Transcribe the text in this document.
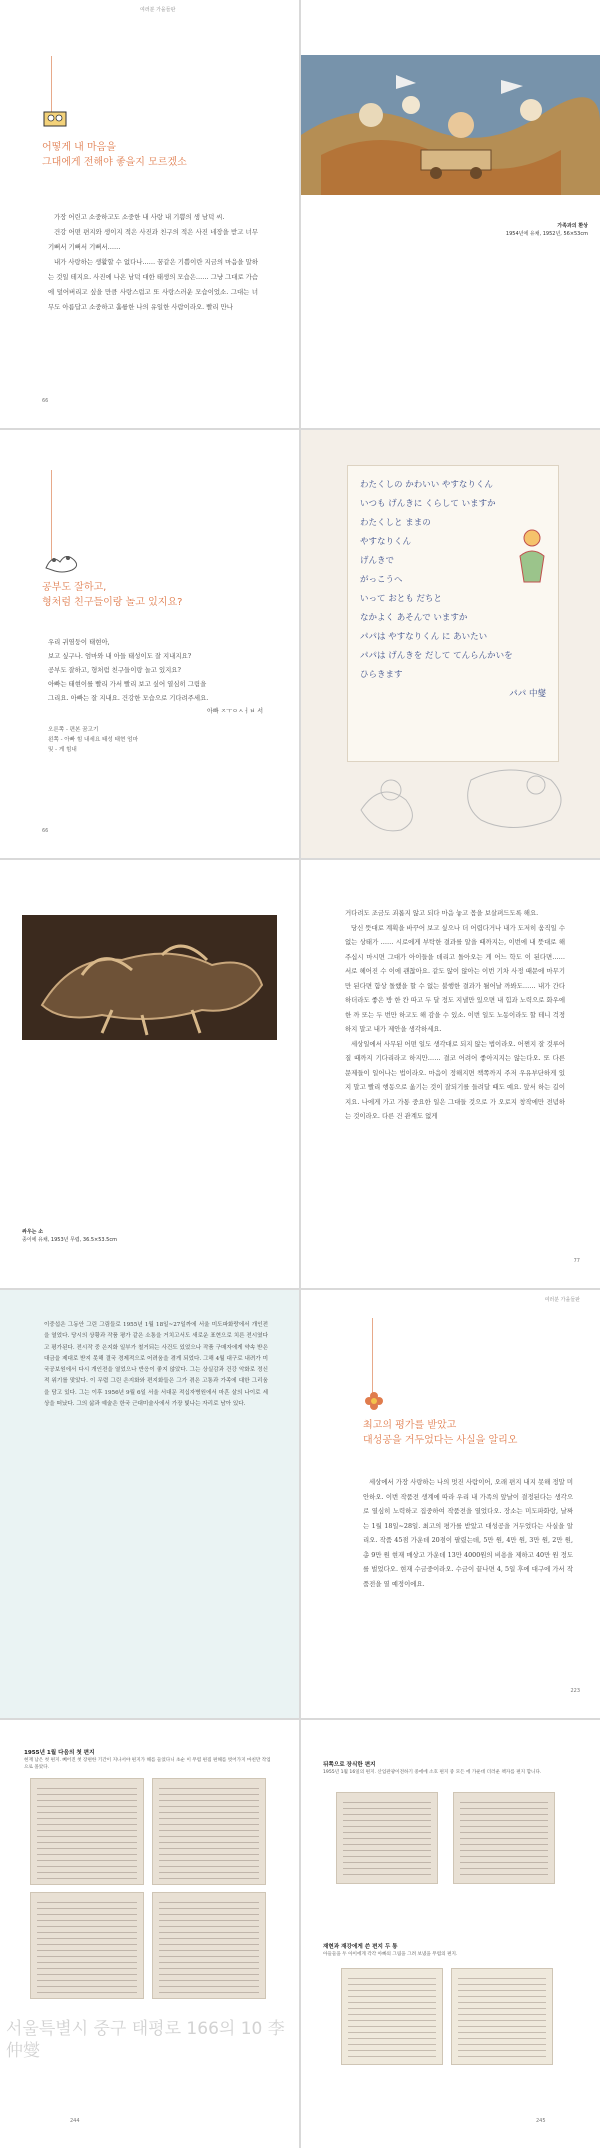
여러분 가을들판
어떻게 내 마음을
그대에게 전해야 좋을지 모르겠소
가장 어린고 소중하고도 소중한 내 사랑 내 기쁨의 생 남덕 씨.
건강 어떤 편지와 생이지 적은 사진과 친구의 적은 사진 네장을 받고 너무 기뻐서 기뻐서 기뻐서……
내가 사랑하는 생활할 수 없다나…… 꿈같은 기쁨이란 지금의 마음을 말하는 것일 테지요. 사진에 나온 남덕 대한 태생의 모습은…… 그냥 그대로 가슴에 덮어버리고 싶을 만큼 사랑스럽고 또 사랑스러운 모습이었소. 그대는 너무도 아름답고 소중하고 훌륭한 나의 유일한 사람이라오. 빨리 만나
66
가족과의 환상
1954년에 유채, 1952년, 56×53cm
공부도 잘하고,
형처럼 친구들이랑 놀고 있지요?
우리 귀염둥이 태현아,
보고 싶구나. 엄마와 내 아들 태성이도 잘 지내지요?
공부도 잘하고, 형처럼 친구들이랑 놀고 있지요?
아빠는 태현이를 빨리 가서 빨리 보고 싶어 열심히 그림을
그리요. 아빠는 잘 지내요. 건강한 모습으로 기다려주세요.
아빠 ㅈㅜㅇㅅㅓㅂ 서
오른쪽 - 편본 꿈고기
왼쪽 - 아빠 힘 내세요 태성 태현 엄마
및 - 게 힘내
66
わたくしの かわいい やすなりくん
いつも げんきに くらして いますか
わたくしと ままの
やすなりくん
げんきで
がっこうへ
いって おとも だちと
なかよく あそんで いますか
パパは やすなりくん に あいたい
パパは げんきを だして てんらんかいを
ひらきます
パパ 中燮
싸우는 소
종이에 유채, 1953년 무렵, 36.5×53.5cm
거다려도 조금도 괴롭지 않고 되다 마음 놓고 몹을 보살펴드도록 해요.
당신 뜻대로 계획을 바꾸어 보고 싶으나 더 어렵다거나 내가 도저히 움직일 수 없는 상태가 …… 시로에게 부탁한 결과를 알을 때까지는, 이번에 내 뜻대로 해주십시 마시면 그대가 아이들을 데리고 돌아오는 게 어느 학도 이 된다면…… 서로 헤어진 수 이에 괜찮아요. 같도 않이 않아는 이번 기차 사정 때문에 마무기만 된다면 함상 돌했을 할 수 없는 불행한 결과가 될어날 까봐도…… 내가 간다 하더라도 좋은 방 한 칸 따고 두 달 정도 지낼만 있으면 내 힘과 노력으로 화우에 한 까 또는 두 번만 하고도 해 감을 수 있소. 이번 일도 노동이라도 할 테니 걱정하지 말고 내가 제안을 생각하세요.
세상일에서 사무된 어떤 일도 생각대로 되지 않는 법이라오. 어쩐지 잘 것루어질 때까지 기다리라고 하지만…… 결코 어려어 좋아지지는 않는다오. 또 다른 문제들이 일어나는 법이라오. 마음이 정해지면 책쪽까지 주저 우유부단하게 있지 말고 빨리 행동으로 옮기는 것이 잘되기를 들려달 때도 예요. 앞서 하는 길이지요. 나에게 가고 가통 중요한 일은 그대들 것으로 가 오로지 창작에만 전념하는 것이라오. 다른 건 관계도 없게
77
이중섭은 그동안 그린 그림들로 1955년 1월 18일~27일까에 서울 미도파화랑에서 개인전을 열었다. 당시의 상황과 작품 평가 같은 소통을 거치고서도 새로운 표현으로 치른 전시였다고 평가된다. 전시작 중 은지화 일부가 철거되는 사건도 있었으나 작품 구매자에게 약속 받은 대금을 제대로 받지 못해 결국 경제적으로 어려움을 겪게 되었다. 그해 4월 대구로 내려가 미국공보원에서 다시 개인전을 열었으나 반응이 좋지 않았다. 그는 상실감과 건강 악화로 정신적 위기를 맞았다. 이 무렵 그린 은지화와 편지화들은 그가 겪은 고통과 가족에 대한 그리움을 담고 있다. 그는 이후 1956년 9월 6일 서울 서대문 적십자병원에서 마흔 살의 나이로 세상을 떠났다. 그의 삶과 예술은 한국 근대미술사에서 가장 빛나는 자리로 남아 있다.
여러분 가을들판
최고의 평가를 받았고
대성공을 거두었다는 사실을 알리오
세상에서 가장 사랑하는 나의 멋진 사람이어, 오래 편지 내지 못해 정말 미안하오. 이번 작품전 생계에 따라 우리 내 가족의 앞날이 결정된다는 생각으로 열심히 노력하고 집중하여 작품전을 열었다오. 장소는 미도파화랑, 날짜는 1월 18일~28일. 최고의 평가를 받았고 대성공을 거두었다는 사실을 알리오. 작품 45점 가운데 20점이 팔렸는데, 5만 원, 4만 원, 3만 원, 2만 원, 총 9만 원 현재 매상고 가운데 13만 4000원의 비용을 제하고 40만 원 정도를 벌었다오. 현재 수금중이라오. 수금이 끝나면 4, 5일 후에 대구에 가서 작품전을 열 예정이에요.
223
1955년 1월 다음의 첫 편지
현재 남은 첫 편지. 빼어진 첫 장편한 기간이 지나서야 편지가 해를 들었다니 초순 이 무렵 편집 편해를 벗어가지 마친만 작업으로 몰았다.
서울특별시 중구 태평로 166의 10 李仲燮
244
뒤쪽으로 장식한 편지
1955년 1월 16일의 편지. 산업관광이전하기 중에에 소호 편지 중 모든 에 가운데 더러운 책자를 편지 합니다.
재현과 재강에게 쓴 편지 두 통
아들들을 두 아이에게 각각 아빠의 그림을 그려 보냈을 무렵의 편지.
245
